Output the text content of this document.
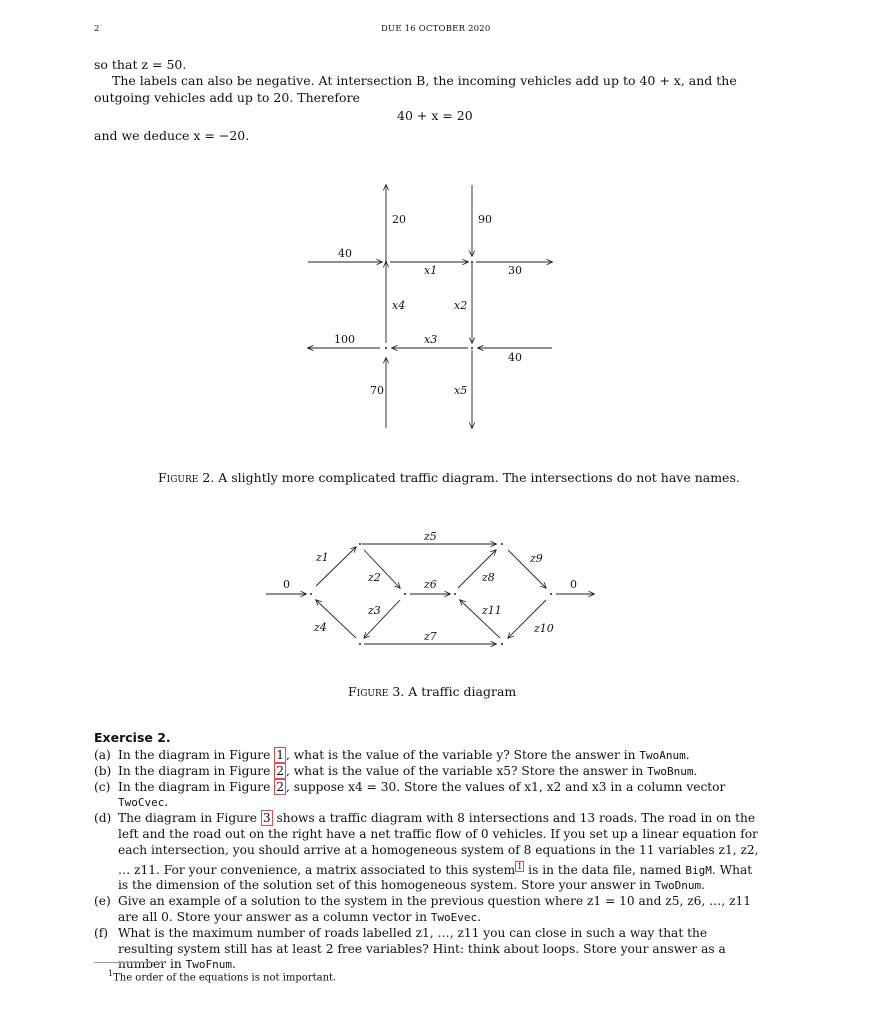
2	DUE 16 OCTOBER 2020
so that z = 50.
The labels can also be negative. At intersection B, the incoming vehicles add up to 40 + x, and the outgoing vehicles add up to 20. Therefore
40 + x = 20
and we deduce x = −20.
20	90
40
x1	30
x4	x2
100	x3
40
70	x5
0	0
z1
z2
z3
z4
z5
z6
z7
z8
z9
z10
z11
Figure 2. A slightly more complicated traffic diagram. The intersections do not have names.
Figure 3. A traffic diagram
Exercise 2.
(a) In the diagram in Figure 1 , what is the value of the variable y? Store the answer in TwoAnum.
(b) In the diagram in Figure 2 , what is the value of the variable x5? Store the answer in TwoBnum.
(c) In the diagram in Figure 2 , suppose x4 = 30. Store the values of x1, x2 and x3 in a column vector TwoCvec.
(d) The diagram in Figure 3 shows a traffic diagram with 8 intersections and 13 roads. The road in on the left and the road out on the right have a net traffic flow of 0 vehicles. If you set up a linear equation for each intersection, you should arrive at a homogeneous system of 8 equations in the 11 variables z1, z2, … z11. For your convenience, a matrix associated to this system $^1$ is in the data file, named BigM. What is the dimension of the solution set of this homogeneous system. Store your answer in TwoDnum.
(e) Give an example of a solution to the system in the previous question where z1 = 10 and z5, z6, …, z11 are all 0. Store your answer as a column vector in TwoEvec.
(f) What is the maximum number of roads labelled z1, …, z11 you can close in such a way that the resulting system still has at least 2 free variables? Hint: think about loops. Store your answer as a number in TwoFnum.
$^1$The order of the equations is not important.
